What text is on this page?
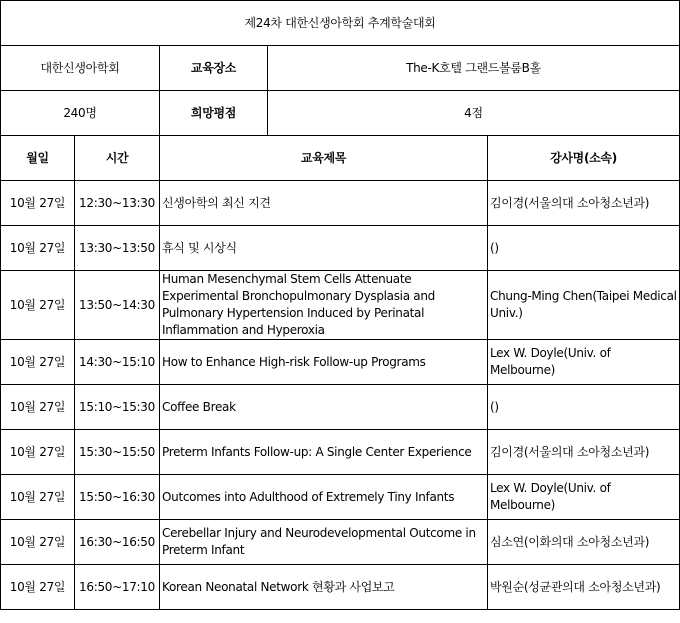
제24차 대한신생아학회 추계학술대회				
대한신생아학회		교육장소	The-K호텔 그랜드볼룸B홀	
240명		희망평점	4점	
월일	시간	교육제목		강사명(소속)
10월 27일	12:30~13:30	신생아학의 최신 지견		김이경(서울의대 소아청소년과)
10월 27일	13:30~13:50	휴식 및 시상식		()
10월 27일	13:50~14:30	Human Mesenchymal Stem Cells Attenuate Experimental Bronchopulmonary Dysplasia and Pulmonary Hypertension Induced by Perinatal Inflammation and Hyperoxia		Chung-Ming Chen(Taipei Medical Univ.)
10월 27일	14:30~15:10	How to Enhance High-risk Follow-up Programs		Lex W. Doyle(Univ. of Melbourne)
10월 27일	15:10~15:30	Coffee Break		()
10월 27일	15:30~15:50	Preterm Infants Follow-up: A Single Center Experience		김이경(서울의대 소아청소년과)
10월 27일	15:50~16:30	Outcomes into Adulthood of Extremely Tiny Infants		Lex W. Doyle(Univ. of Melbourne)
10월 27일	16:30~16:50	Cerebellar Injury and Neurodevelopmental Outcome in Preterm Infant		심소연(이화의대 소아청소년과)
10월 27일	16:50~17:10	Korean Neonatal Network 현황과 사업보고		박원순(성균관의대 소아청소년과)
